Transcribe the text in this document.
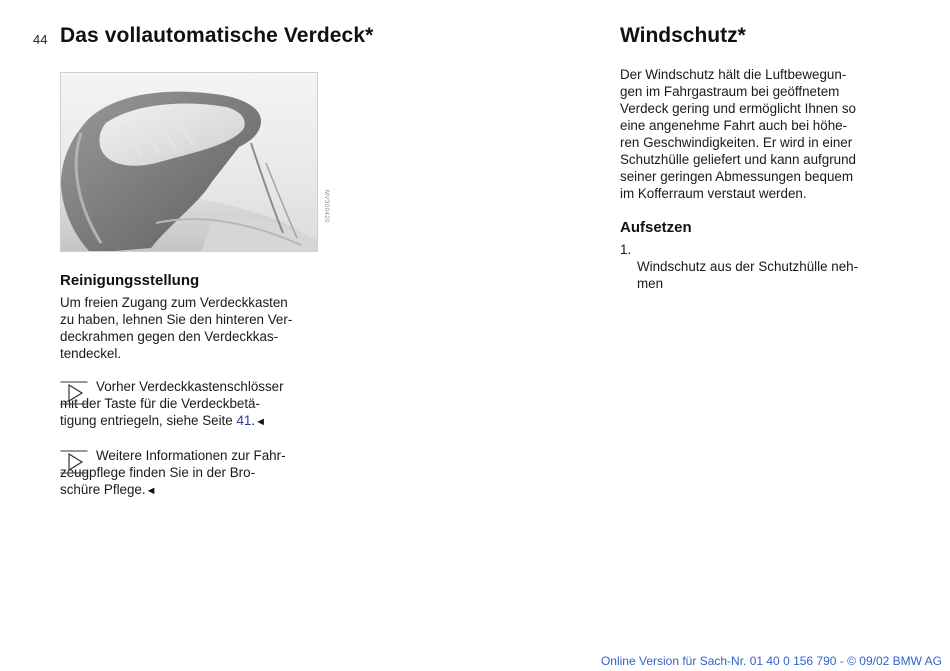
44 Das vollautomatische Verdeck*	Windschutz*
MV300420
Reinigungsstellung

Um freien Zugang zum Verdeckkasten
zu haben, lehnen Sie den hinteren Ver-
deckrahmen gegen den Verdeckkas-
tendeckel.

Vorher Verdeckkastenschlösser
mit der Taste für die Verdeckbetä-
tigung entriegeln, siehe Seite 41.◄
Weitere Informationen zur Fahr-
zeugpflege finden Sie in der Bro-
schüre Pflege.◄

Der Windschutz hält die Luftbewegun-
gen im Fahrgastraum bei geöffnetem
Verdeck gering und ermöglicht Ihnen so
eine angenehme Fahrt auch bei höhe-
ren Geschwindigkeiten. Er wird in einer
Schutzhülle geliefert und kann aufgrund
seiner geringen Abmessungen bequem
im Kofferraum verstaut werden.

Aufsetzen

1.
Windschutz aus der Schutzhülle neh-
men

Online Version für Sach-Nr. 01 40 0 156 790 - © 09/02 BMW AG
